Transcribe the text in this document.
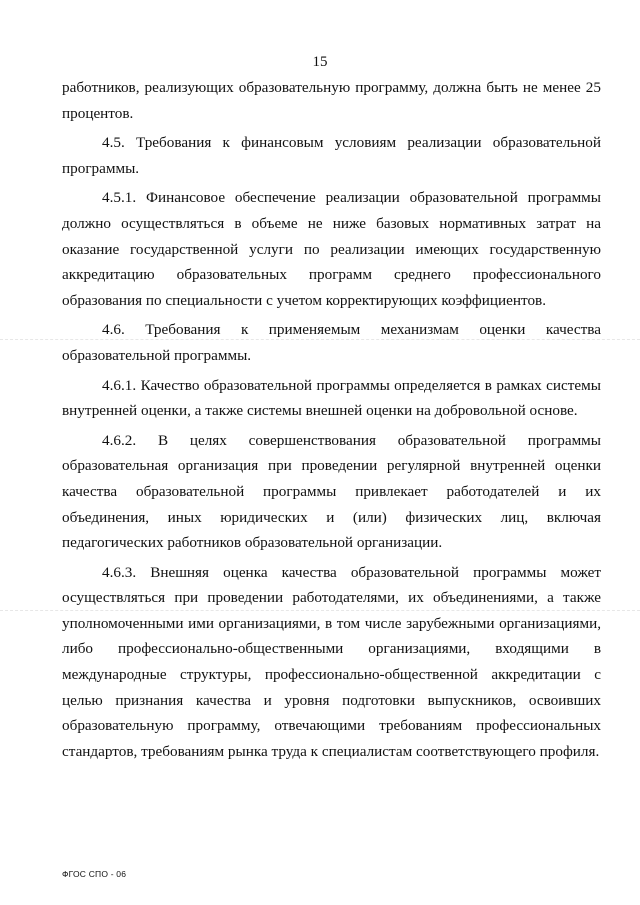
15

работников, реализующих образовательную программу, должна быть не менее 25 процентов.

4.5. Требования к финансовым условиям реализации образовательной программы.

4.5.1. Финансовое обеспечение реализации образовательной программы должно осуществляться в объеме не ниже базовых нормативных затрат на оказание государственной услуги по реализации имеющих государственную аккредитацию образовательных программ среднего профессионального образования по специальности с учетом корректирующих коэффициентов.

4.6. Требования к применяемым механизмам оценки качества образовательной программы.

4.6.1. Качество образовательной программы определяется в рамках системы внутренней оценки, а также системы внешней оценки на добровольной основе.

4.6.2. В целях совершенствования образовательной программы образовательная организация при проведении регулярной внутренней оценки качества образовательной программы привлекает работодателей и их объединения, иных юридических и (или) физических лиц, включая педагогических работников образовательной организации.

4.6.3. Внешняя оценка качества образовательной программы может осуществляться при проведении работодателями, их объединениями, а также уполномоченными ими организациями, в том числе зарубежными организациями, либо профессионально-общественными организациями, входящими в международные структуры, профессионально-общественной аккредитации с целью признания качества и уровня подготовки выпускников, освоивших образовательную программу, отвечающими требованиям профессиональных стандартов, требованиям рынка труда к специалистам соответствующего профиля.

ФГОС СПО - 06
